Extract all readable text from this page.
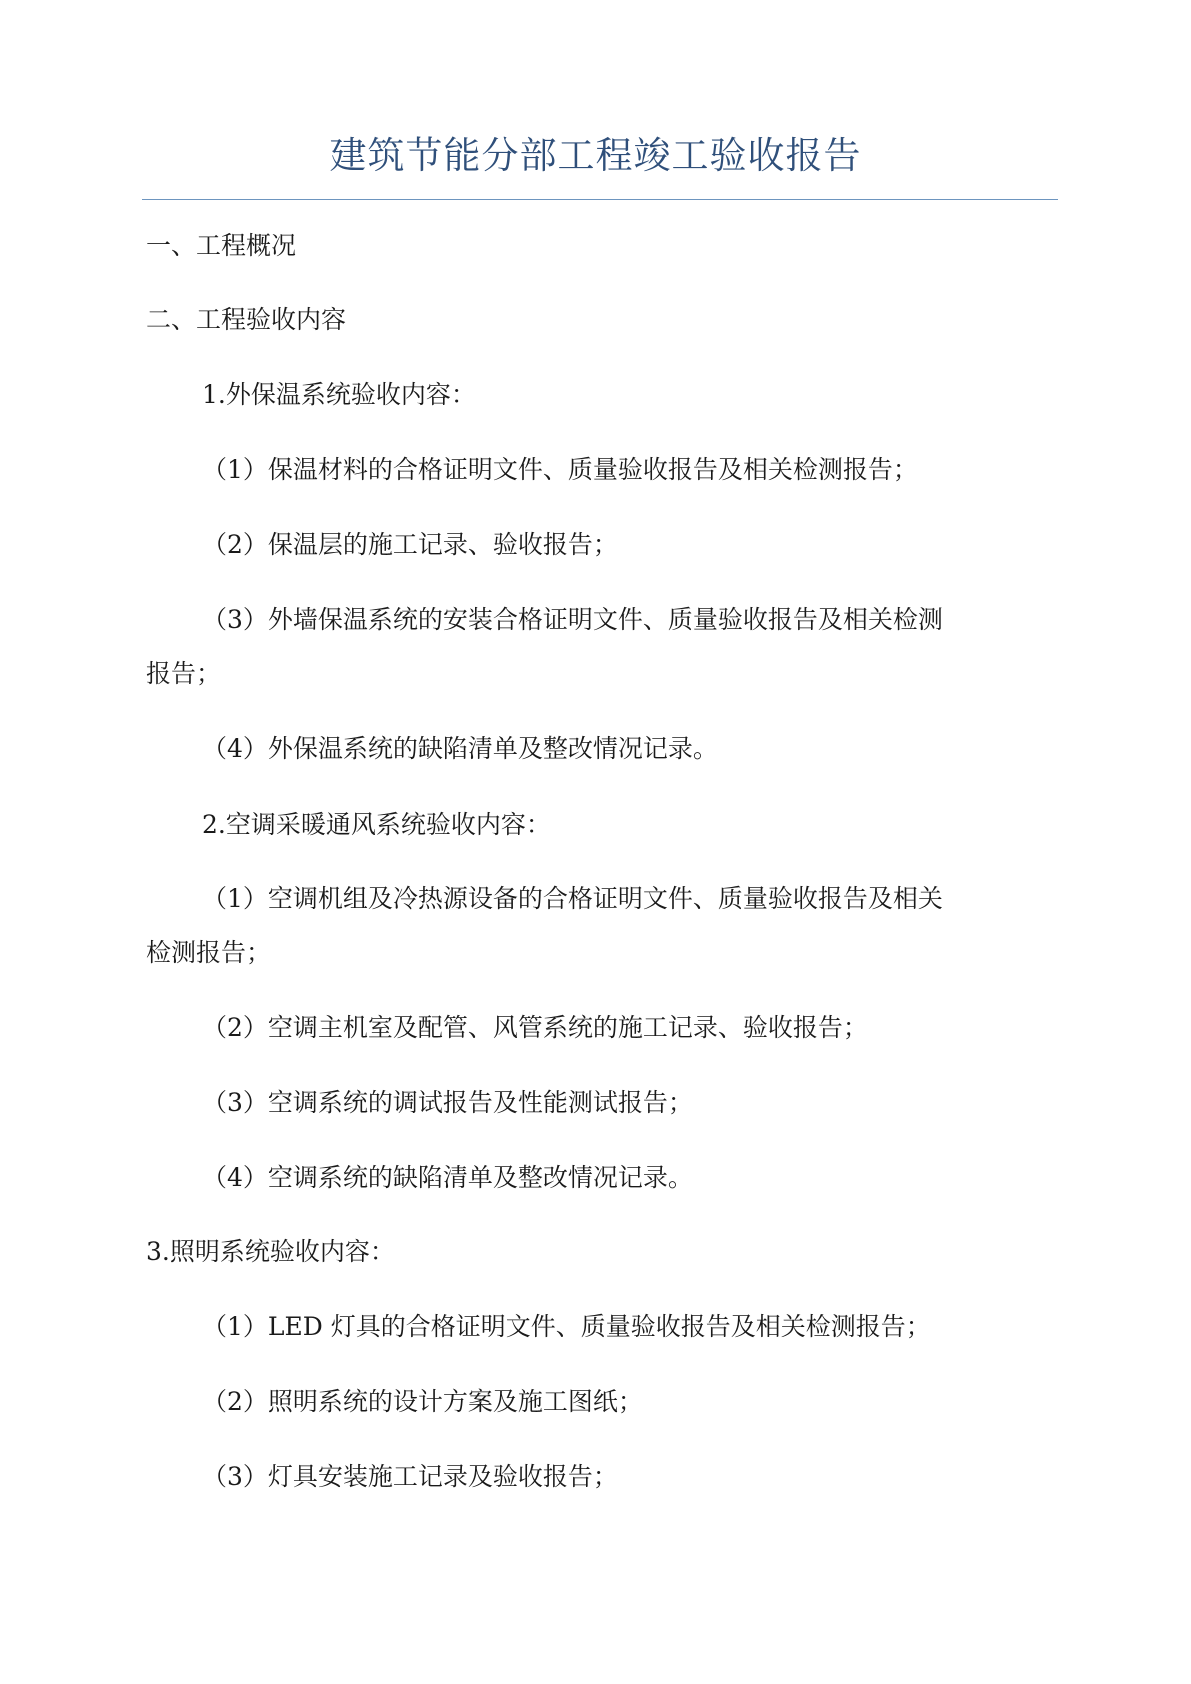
建筑节能分部工程竣工验收报告

一、工程概况

二、工程验收内容

1.外保温系统验收内容：

（1）保温材料的合格证明文件、质量验收报告及相关检测报告；

（2）保温层的施工记录、验收报告；

（3）外墙保温系统的安装合格证明文件、质量验收报告及相关检测

报告；

（4）外保温系统的缺陷清单及整改情况记录。

2.空调采暖通风系统验收内容：

（1）空调机组及冷热源设备的合格证明文件、质量验收报告及相关

检测报告；

（2）空调主机室及配管、风管系统的施工记录、验收报告；

（3）空调系统的调试报告及性能测试报告；

（4）空调系统的缺陷清单及整改情况记录。

3.照明系统验收内容：

（1）LED 灯具的合格证明文件、质量验收报告及相关检测报告；

（2）照明系统的设计方案及施工图纸；

（3）灯具安装施工记录及验收报告；
